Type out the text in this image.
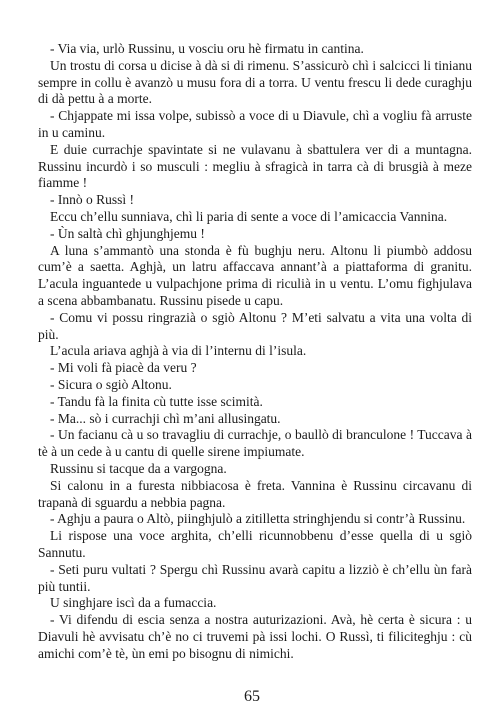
- Via via, urlò Russinu, u vosciu oru hè firmatu in cantina.

Un trostu di corsa u dicise à dà si di rimenu. S’assicurò chì i salcicci li tinianu sempre in collu è avanzò u musu fora di a torra. U ventu frescu li dede curaghju di dà pettu à a morte.

- Chjappate mi issa volpe, subissò a voce di u Diavule, chì a vogliu fà arruste in u caminu.

E duie currachje spavintate si ne vulavanu à sbattulera ver di a muntagna. Russinu incurdò i so musculi : megliu à sfragicà in tarra cà di brusgià à meze fiamme !

- Innò o Russì !

Eccu ch’ellu sunniava, chì li paria di sente a voce di l’amicaccia Vannina.

- Ùn saltà chì ghjunghjemu !

A luna s’ammantò una stonda è fù bughju neru. Altonu li piumbò addosu cum’è a saetta. Aghjà, un latru affaccava annant’à a piattaforma di granitu. L’acula inguantede u vulpachjone prima di riculià in u ventu. L’omu fighjulava a scena abbambanatu. Russinu pisede u capu.

- Comu vi possu ringrazià o sgiò Altonu ? M’eti salvatu a vita una volta di più.

L’acula ariava aghjà à via di l’internu di l’isula.

- Mi voli fà piacè da veru ?

- Sicura o sgiò Altonu.

- Tandu fà la finita cù tutte isse scimità.

- Ma... sò i currachji chì m’ani allusingatu.

- Un facianu cà u so travagliu di currachje, o baullò di branculone ! Tuccava à tè à un cede à u cantu di quelle sirene impiumate.

Russinu si tacque da a vargogna.

Si calonu in a furesta nibbiacosa è freta. Vannina è Russinu circavanu di trapanà di sguardu a nebbia pagna.

- Aghju a paura o Altò, piinghjulò a zitilletta stringhjendu si contr’à Russinu.

Li rispose una voce arghita, ch’elli ricunnobbenu d’esse quella di u sgiò Sannutu.

- Seti puru vultati ? Spergu chì Russinu avarà capitu a lizziò è ch’ellu ùn farà più tuntii.

U singhjare iscì da a fumaccia.

- Vi difendu di escia senza a nostra auturizazioni. Avà, hè certa è sicura : u Diavuli hè avvisatu ch’è no ci truvemi pà issi lochi. O Russì, ti filiciteghju : cù amichi com’è tè, ùn emi po bisognu di nimichi.

65
